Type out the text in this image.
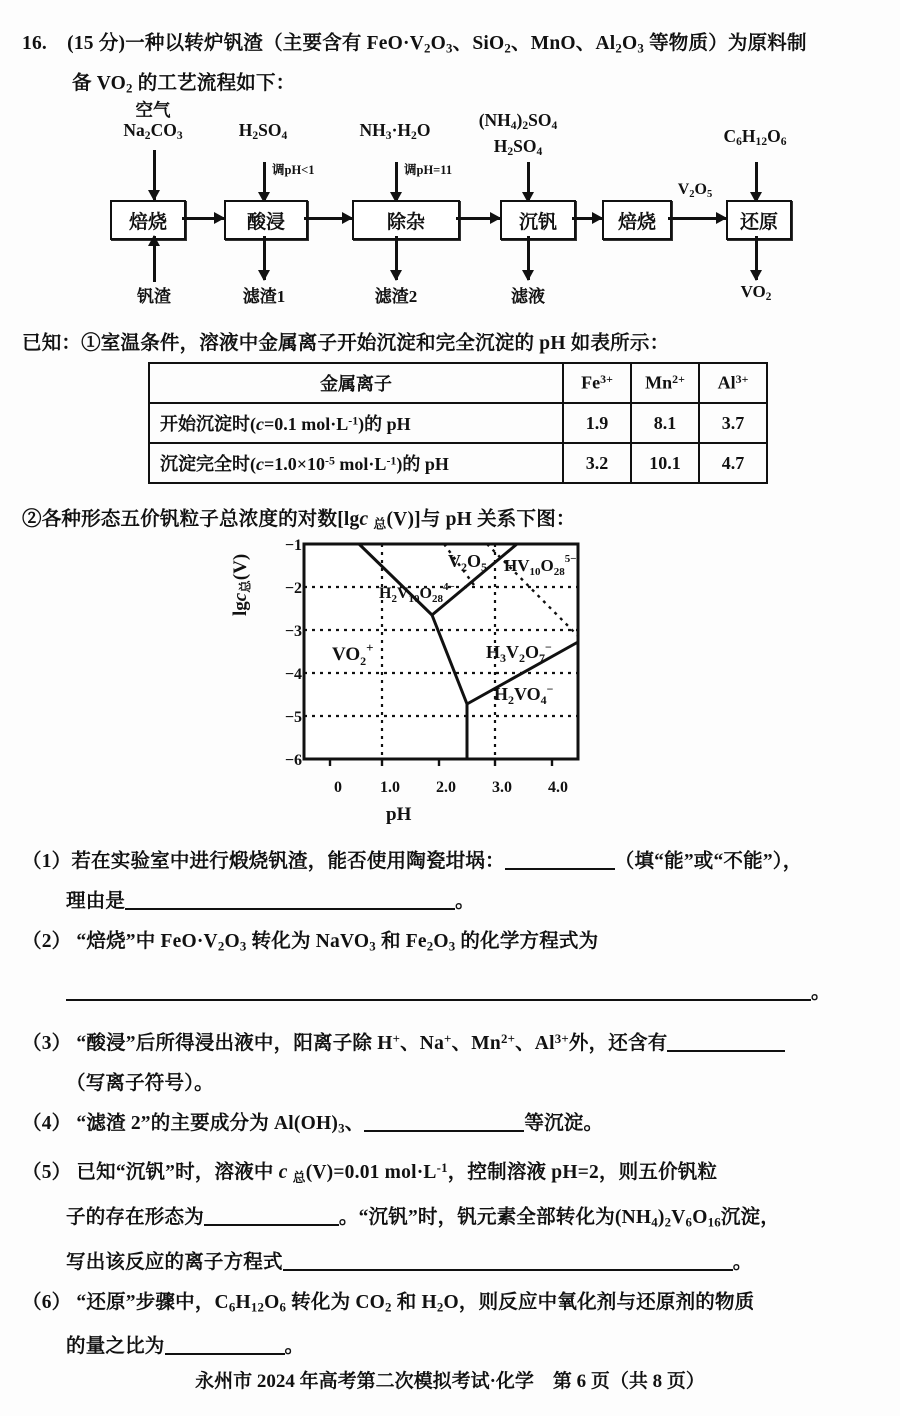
16. (15 分)一种以转炉钒渣（主要含有 $FeO\cdot V_2O_3$、SiO$_2$、MnO、$Al_2O_3$ 等物质）为原料制
备 $VO_2$ 的工艺流程如下：
空气
$Na_2CO_3$	$H_2SO_4$	$NH_3\cdot H_2O$	$(NH_4)_2SO_4$
$H_2SO_4$
$C_6H_{12}O_6$
调pH<1	调pH=11
焙烧	酸浸	除杂	沉钒	焙烧	还原
$V_2O_5$
钒渣	滤渣1	滤渣2	滤液	$VO_2$
已知：①室温条件，溶液中金属离子开始沉淀和完全沉淀的 pH 如表所示：
金属离子	$Fe^{3+}$	$Mn^{2+}$	$Al^{3+}$
开始沉淀时(c=0.1 $mol\cdot L^{-1}$)的 pH	1.9	8.1	3.7
沉淀完全时($c=1.0\times 10^{-5}$ $mol\cdot L^{-1}$)的 pH	3.2	10.1	4.7
②各种形态五价钒粒子总浓度的对数[lgc $_总$(V)]与 pH 关系下图：
lgc$_总$(V)
−1
−2
−3
−4
−5
−6
0	1.0	2.0	3.0	4.0
pH
$VO_2^+$
$H_2V_{10}O_{28}^{4-}$
$V_2O_5$ $HV_{10}O_{28}^{5-}$
$H_3V_2O_7^-$
$H_2VO_4^-$
（1）若在实验室中进行煅烧钒渣，能否使用陶瓷坩埚：	（填“能”或“不能”），
理由是	。
（2） “焙烧”中 $FeO\cdot V_2O_3$ 转化为 NaVO$_3$ 和 $Fe_2O_3$ 的化学方程式为
。
（3） “酸浸”后所得浸出液中，阳离子除 H+、Na+、$Mn^{2+}$、$Al^{3+}$外，还含有
（写离子符号）。
（4） “滤渣 2”的主要成分为 $Al(OH)_3$、	等沉淀。
（5） 已知“沉钒”时，溶液中 c $_总$(V)=0.01 $mol\cdot L^{-1}$，控制溶液 pH=2，则五价钒粒
子的存在形态为	。“沉钒”时，钒元素全部转化为$(NH_4)_2V_6O_{16}$沉淀，
写出该反应的离子方程式	。
（6） “还原”步骤中，$C_6H_{12}O_6$ 转化为 $CO_2$ 和 $H_2O$，则反应中氧化剂与还原剂的物质
的量之比为	。
永州市 2024 年高考第二次模拟考试·化学　第 6 页（共 8 页）
